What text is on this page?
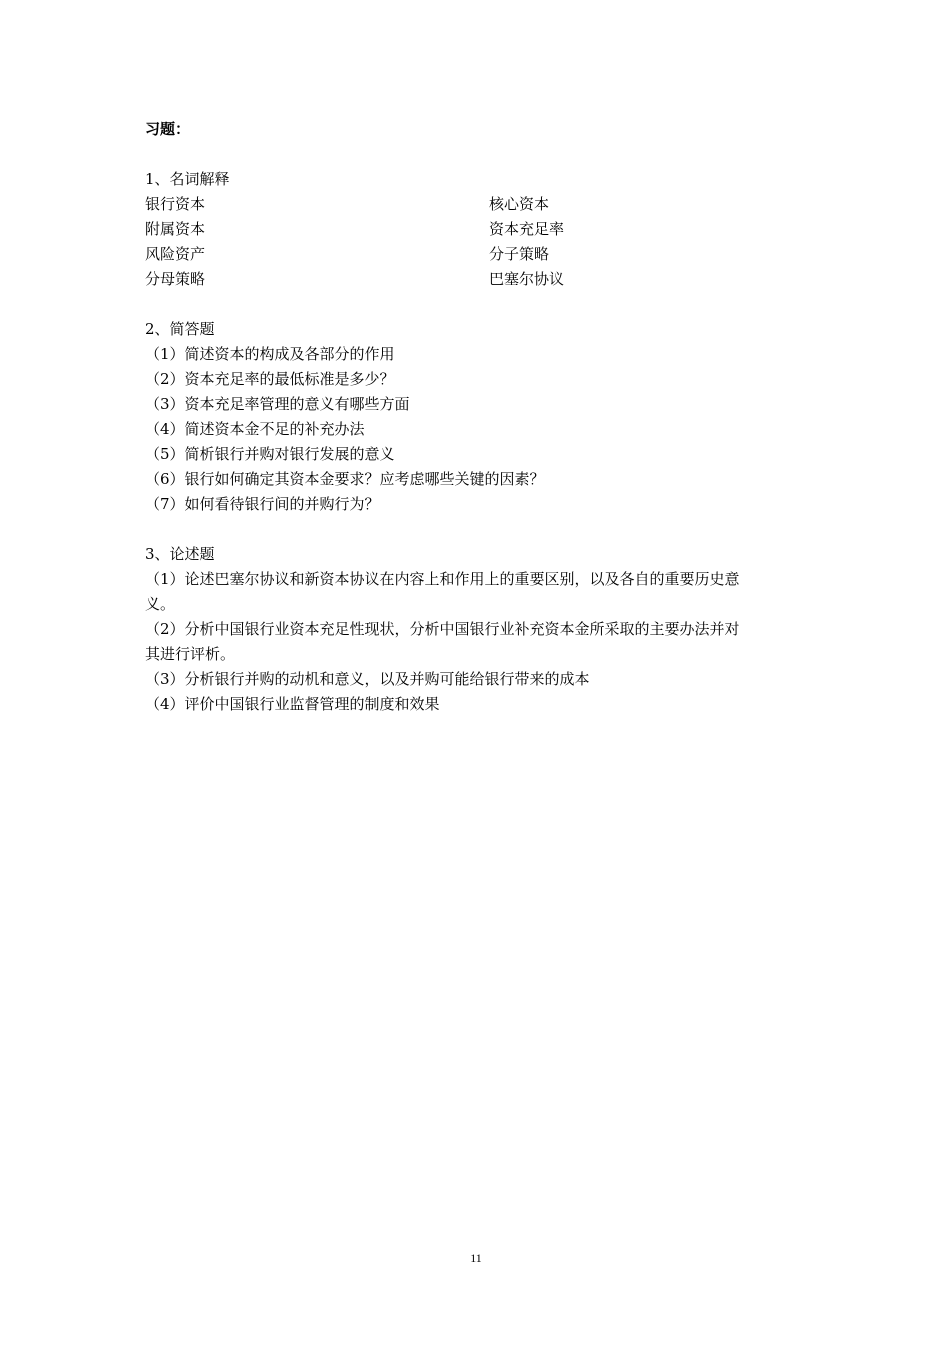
习题：
1、名词解释
银行资本	核心资本
附属资本	资本充足率
风险资产	分子策略
分母策略	巴塞尔协议
2、简答题
（1）简述资本的构成及各部分的作用
（2）资本充足率的最低标准是多少？
（3）资本充足率管理的意义有哪些方面
（4）简述资本金不足的补充办法
（5）简析银行并购对银行发展的意义
（6）银行如何确定其资本金要求？应考虑哪些关键的因素？
（7）如何看待银行间的并购行为？
3、论述题
（1）论述巴塞尔协议和新资本协议在内容上和作用上的重要区别，以及各自的重要历史意
义。
（2）分析中国银行业资本充足性现状，分析中国银行业补充资本金所采取的主要办法并对
其进行评析。
（3）分析银行并购的动机和意义，以及并购可能给银行带来的成本
（4）评价中国银行业监督管理的制度和效果
11
